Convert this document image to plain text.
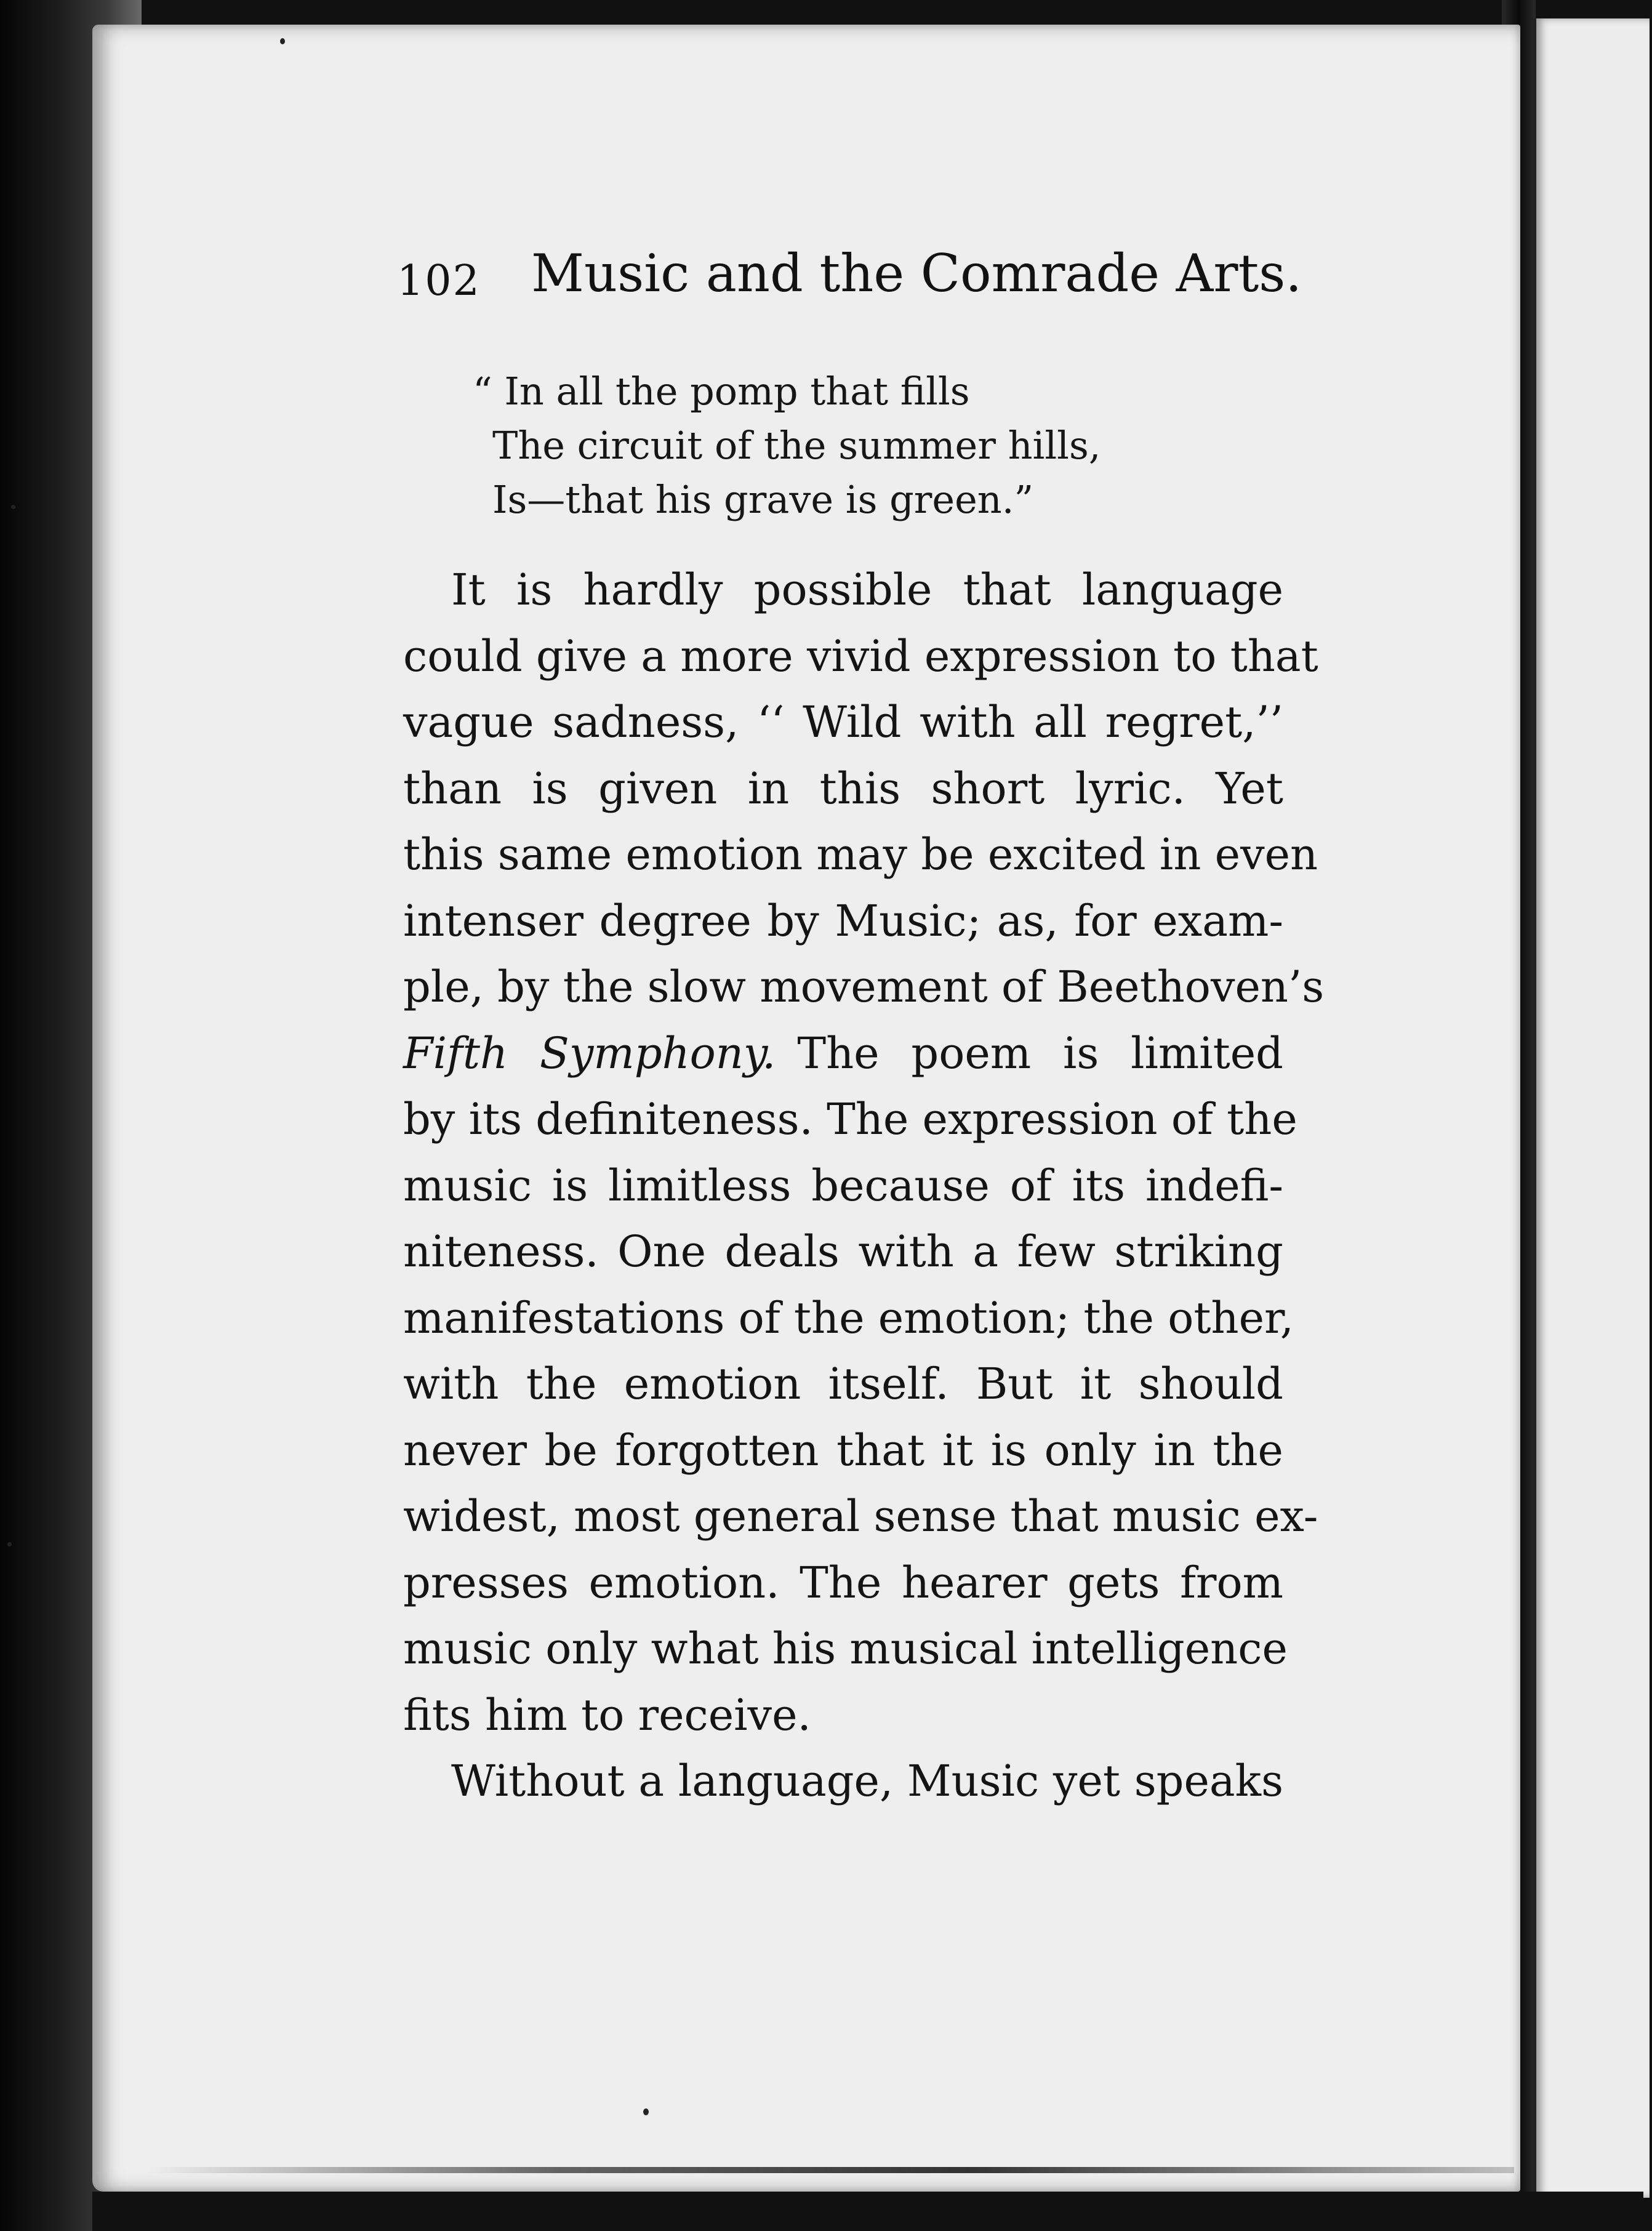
102 Music and the Comrade Arts.
“ In all the pomp that fills
The circuit of the summer hills,
Is—that his grave is green.”
It is hardly possible that language
could give a more vivid expression to that
vague sadness, ‘‘ Wild with all regret,’’
than is given in this short lyric. Yet
this same emotion may be excited in even
intenser degree by Music; as, for exam-
ple, by the slow movement of Beethoven’s
Fifth Symphony.  The poem is limited
by its definiteness. The expression of the
music is limitless because of its indefi-
niteness. One deals with a few striking
manifestations of the emotion; the other,
with the emotion itself. But it should
never be forgotten that it is only in the
widest, most general sense that music ex-
presses emotion. The hearer gets from
music only what his musical intelligence
fits him to receive.
Without a language, Music yet speaks
